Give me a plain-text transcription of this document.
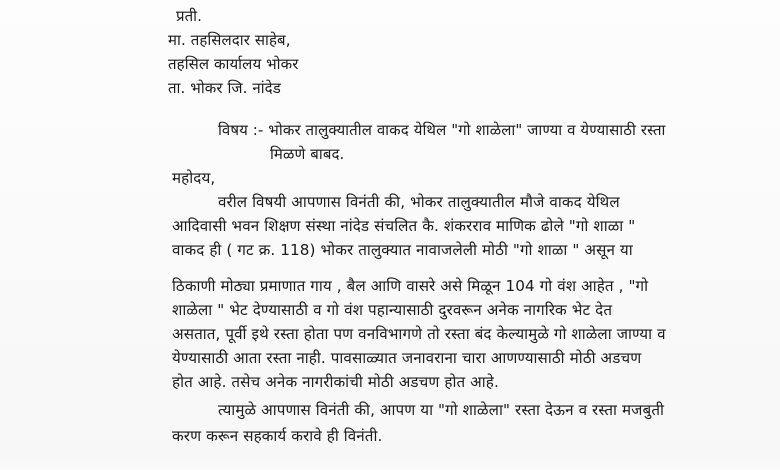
प्रती.
मा. तहसिलदार साहेब,
तहसिल कार्यालय भोकर
ता. भोकर जि. नांदेड
विषय :- भोकर तालुक्यातील वाकद येथिल "गो शाळेला" जाण्या व येण्यासाठी रस्ता
मिळणे बाबद.
महोदय,
वरील विषयी आपणास विनंती की, भोकर तालुक्यातील मौजे वाकद येथिल
आदिवासी भवन शिक्षण संस्था नांदेड संचलित कै. शंकरराव माणिक ढोले "गो शाळा "
वाकद ही ( गट क्र. 118) भोकर तालुक्यात नावाजलेली मोठी "गो शाळा " असून या
ठिकाणी मोठ्या प्रमाणात गाय , बैल आणि वासरे असे मिळून 104 गो वंश आहेत , "गो
शाळेला " भेट देण्यासाठी व गो वंश पहान्यासाठी दुरवरून अनेक नागरिक भेट देत
असतात, पूर्वी इथे रस्ता होता पण वनविभागणे तो रस्ता बंद केल्यामुळे गो शाळेला जाण्या व
येण्यासाठी आता रस्ता नाही. पावसाळ्यात जनावराना चारा आणण्यासाठी मोठी अडचण
होत आहे. तसेच अनेक नागरीकांची मोठी अडचण होत आहे.
त्यामुळे आपणास विनंती की, आपण या "गो शाळेला" रस्ता देऊन व रस्ता मजबुती
करण करून सहकार्य करावे ही विनंती.
